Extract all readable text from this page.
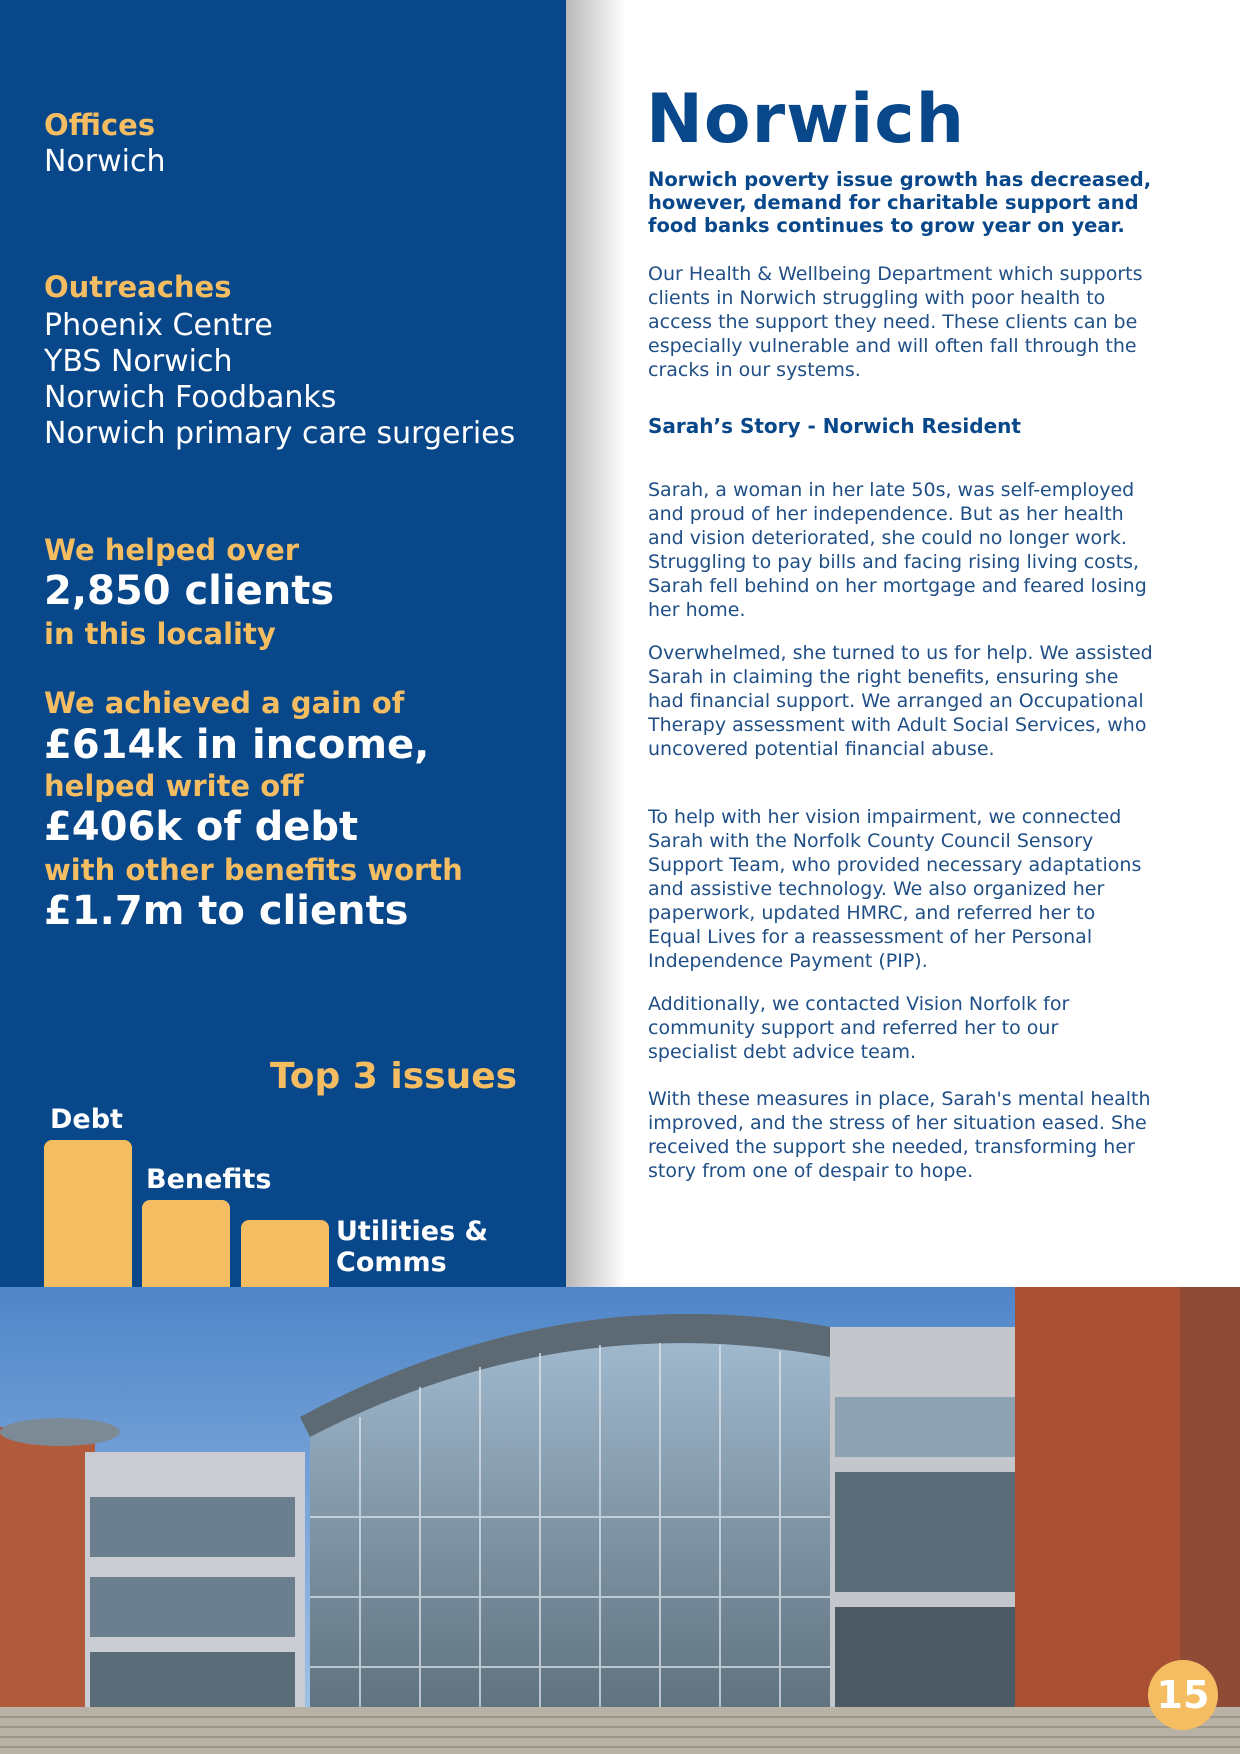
Offices
Norwich
Outreaches
Phoenix Centre
YBS Norwich
Norwich Foodbanks
Norwich primary care surgeries
We helped over
2,850 clients
in this locality
We achieved a gain of
£614k in income,
helped write off
£406k of debt
with other benefits worth
£1.7m to clients
Top 3 issues
Debt
Benefits
Utilities &
Comms
Norwich
Norwich poverty issue growth has decreased, however, demand for charitable support and food banks continues to grow year on year.
Our Health & Wellbeing Department which supports clients in Norwich struggling with poor health to access the support they need. These clients can be especially vulnerable and will often fall through the cracks in our systems.
Sarah’s Story - Norwich Resident
Sarah, a woman in her late 50s, was self-employed and proud of her independence. But as her health and vision deteriorated, she could no longer work. Struggling to pay bills and facing rising living costs, Sarah fell behind on her mortgage and feared losing her home.
Overwhelmed, she turned to us for help. We assisted Sarah in claiming the right benefits, ensuring she had financial support. We arranged an Occupational Therapy assessment with Adult Social Services, who uncovered potential financial abuse.
To help with her vision impairment, we connected Sarah with the Norfolk County Council Sensory Support Team, who provided necessary adaptations and assistive technology. We also organized her paperwork, updated HMRC, and referred her to Equal Lives for a reassessment of her Personal Independence Payment (PIP).
Additionally, we contacted Vision Norfolk for community support and referred her to our specialist debt advice team.
With these measures in place, Sarah's mental health improved, and the stress of her situation eased. She received the support she needed, transforming her story from one of despair to hope.
15
